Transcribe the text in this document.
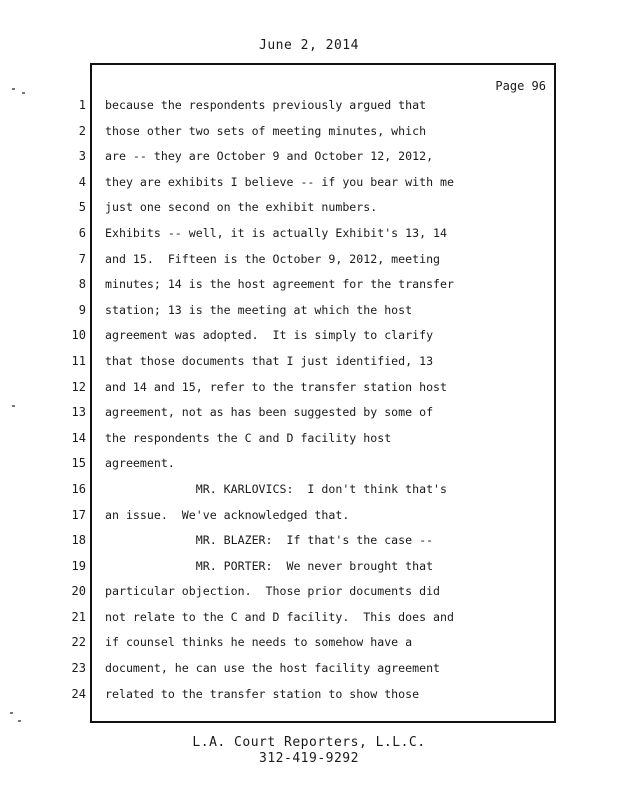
June 2, 2014
Page 96
1
2
3
4
5
6
7
8
9
10
11
12
13
14
15
16
17
18
19
20
21
22
23
24
because the respondents previously argued that
those other two sets of meeting minutes, which
are -- they are October 9 and October 12, 2012,
they are exhibits I believe -- if you bear with me
just one second on the exhibit numbers.
Exhibits -- well, it is actually Exhibit's 13, 14
and 15.  Fifteen is the October 9, 2012, meeting
minutes; 14 is the host agreement for the transfer
station; 13 is the meeting at which the host
agreement was adopted.  It is simply to clarify
that those documents that I just identified, 13
and 14 and 15, refer to the transfer station host
agreement, not as has been suggested by some of
the respondents the C and D facility host
agreement.
MR. KARLOVICS:  I don't think that's
an issue.  We've acknowledged that.
MR. BLAZER:  If that's the case --
MR. PORTER:  We never brought that
particular objection.  Those prior documents did
not relate to the C and D facility.  This does and
if counsel thinks he needs to somehow have a
document, he can use the host facility agreement
related to the transfer station to show those
L.A. Court Reporters, L.L.C.
312-419-9292
